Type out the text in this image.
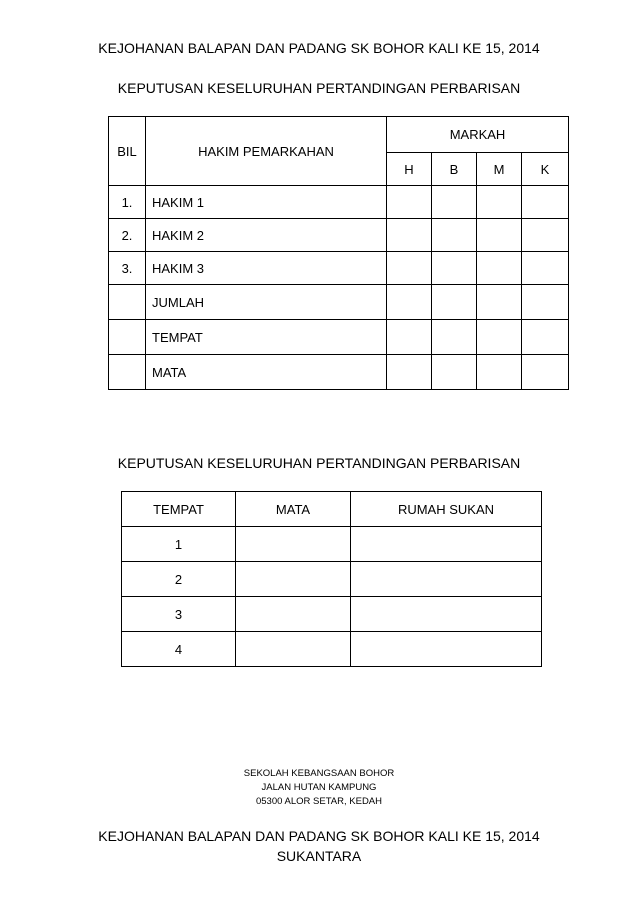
KEJOHANAN BALAPAN DAN PADANG SK BOHOR KALI KE 15, 2014
KEPUTUSAN KESELURUHAN PERTANDINGAN PERBARISAN
BIL	HAKIM PEMARKAHAN	MARKAH			
		H	B	M	K
1.	HAKIM 1				
2.	HAKIM 2				
3.	HAKIM 3				
	JUMLAH				
	TEMPAT				
	MATA				
KEPUTUSAN KESELURUHAN PERTANDINGAN PERBARISAN
TEMPAT	MATA	RUMAH SUKAN
1		
2		
3		
4		
SEKOLAH KEBANGSAAN BOHOR
JALAN HUTAN KAMPUNG
05300 ALOR SETAR, KEDAH
KEJOHANAN BALAPAN DAN PADANG SK BOHOR KALI KE 15, 2014
SUKANTARA
